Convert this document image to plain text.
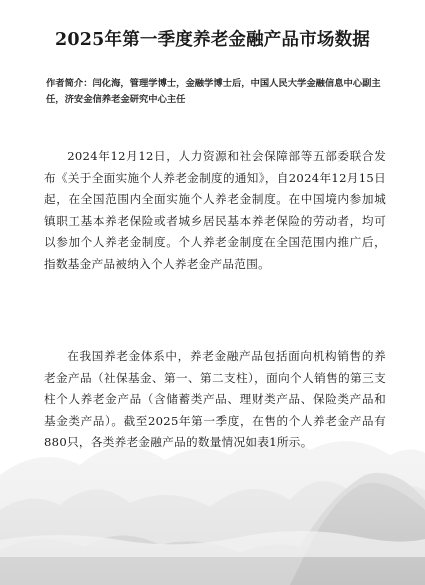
2025年第一季度养老金融产品市场数据
作者简介：闫化海，管理学博士，金融学博士后，中国人民大学金融信息中心副主任，济安金信养老金研究中心主任

2024年12月12日，人力资源和社会保障部等五部委联合发布《关于全面实施个人养老金制度的通知》，自2024年12月15日起，在全国范围内全面实施个人养老金制度。在中国境内参加城镇职工基本养老保险或者城乡居民基本养老保险的劳动者，均可以参加个人养老金制度。个人养老金制度在全国范围内推广后，指数基金产品被纳入个人养老金产品范围。

在我国养老金体系中，养老金融产品包括面向机构销售的养老金产品（社保基金、第一、第二支柱），面向个人销售的第三支柱个人养老金产品（含储蓄类产品、理财类产品、保险类产品和基金类产品）。截至2025年第一季度，在售的个人养老金产品有880只，各类养老金融产品的数量情况如表1所示。
